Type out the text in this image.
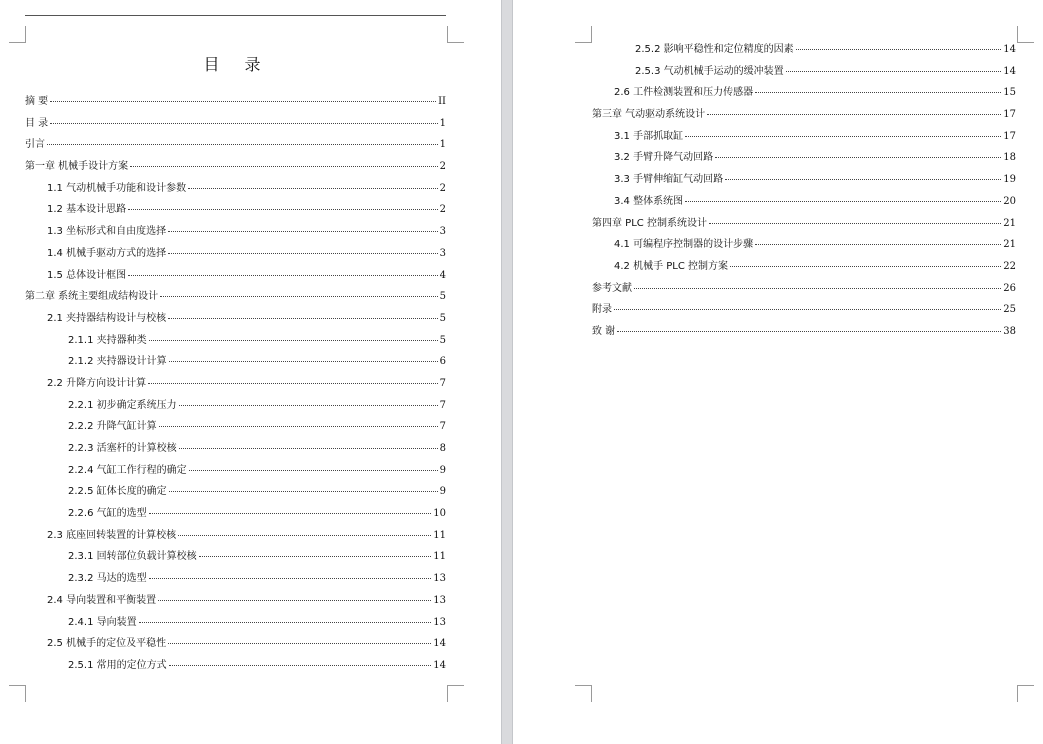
目 录
摘 要	II
目 录	1
引言	1
第一章 机械手设计方案	2
1.1 气动机械手功能和设计参数	2
1.2 基本设计思路	2
1.3 坐标形式和自由度选择	3
1.4 机械手驱动方式的选择	3
1.5 总体设计框图	4
第二章 系统主要组成结构设计	5
2.1 夹持器结构设计与校核	5
2.1.1 夹持器种类	5
2.1.2 夹持器设计计算	6
2.2 升降方向设计计算	7
2.2.1 初步确定系统压力	7
2.2.2 升降气缸计算	7
2.2.3 活塞杆的计算校核	8
2.2.4 气缸工作行程的确定	9
2.2.5 缸体长度的确定	9
2.2.6 气缸的选型	10
2.3 底座回转装置的计算校核	11
2.3.1 回转部位负载计算校核	11
2.3.2 马达的选型	13
2.4 导向装置和平衡装置	13
2.4.1 导向装置	13
2.5 机械手的定位及平稳性	14
2.5.1 常用的定位方式	14
2.5.2 影响平稳性和定位精度的因素	14
2.5.3 气动机械手运动的缓冲装置	14
2.6 工件检测装置和压力传感器	15
第三章 气动驱动系统设计	17
3.1 手部抓取缸	17
3.2 手臂升降气动回路	18
3.3 手臂伸缩缸气动回路	19
3.4 整体系统图	20
第四章 PLC 控制系统设计	21
4.1 可编程序控制器的设计步骤	21
4.2 机械手 PLC 控制方案	22
参考文献	26
附录	25
致 谢	38
